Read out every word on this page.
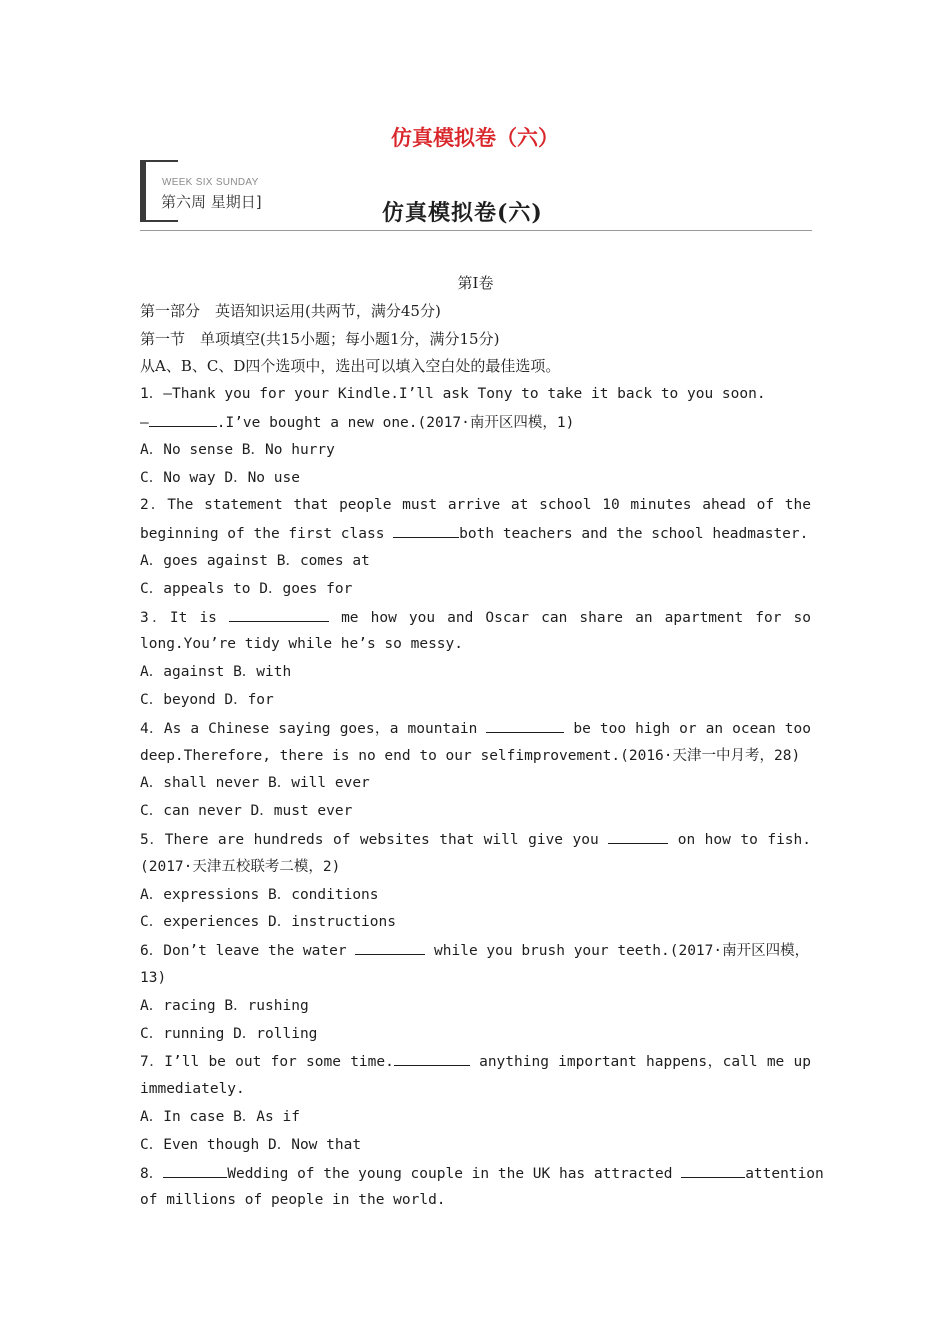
仿真模拟卷（六）
WEEK SIX SUNDAY
第六周 星期日]	仿真模拟卷(六)
第Ⅰ卷
第一部分　英语知识运用(共两节，满分45分)
第一节　单项填空(共15小题；每小题1分，满分15分)
从A、B、C、D四个选项中，选出可以填入空白处的最佳选项。
1．—Thank you for your Kindle.I’ll ask Tony to take it back to you soon.
—	.I’ve bought a new one.(2017·南开区四模，1)
A．No sense B．No hurry
C．No way D．No use
2．The statement that people must arrive at school 10 minutes ahead of the
beginning of the first class	both teachers and the school headmaster.
A．goes against B．comes at
C．appeals to D．goes for
3．It is	me how you and Oscar can share an apartment for so
long.You’re tidy while he’s so messy.
A．against B．with
C．beyond D．for
4．As a Chinese saying goes，a mountain	be too high or an ocean too
deep.Therefore, there is no end to our selfimprovement.(2016·天津一中月考，28)
A．shall never B．will ever
C．can never D．must ever
5．There are hundreds of websites that will give you	on how to fish.
(2017·天津五校联考二模，2)
A．expressions B．conditions
C．experiences D．instructions
6．Don’t leave the water	while you brush your teeth.(2017·南开区四模，
13)
A．racing B．rushing
C．running D．rolling
7．I’ll be out for some time.	anything important happens，call me up
immediately.
A．In case B．As if
C．Even though D．Now that
8．	Wedding of the young couple in the UK has attracted	attention
of millions of people in the world.
